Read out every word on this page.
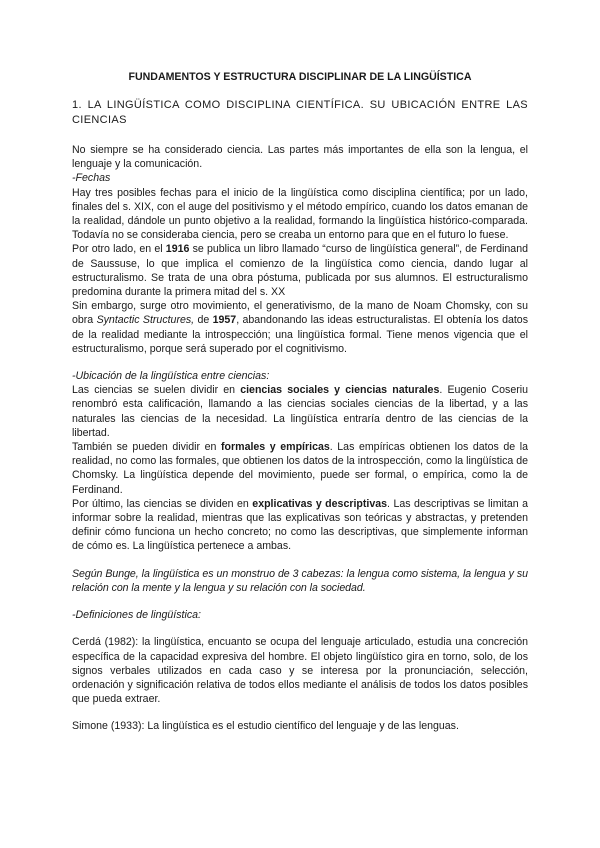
FUNDAMENTOS Y ESTRUCTURA DISCIPLINAR DE LA LINGÜÍSTICA
1. LA LINGÜÍSTICA COMO DISCIPLINA CIENTÍFICA. SU UBICACIÓN ENTRE LAS CIENCIAS

No siempre se ha considerado ciencia. Las partes más importantes de ella son la lengua, el lenguaje y la comunicación.

-Fechas

Hay tres posibles fechas para el inicio de la lingüística como disciplina científica; por un lado, finales del s. XIX, con el auge del positivismo y el método empírico, cuando los datos emanan de la realidad, dándole un punto objetivo a la realidad, formando la lingüística histórico-comparada. Todavía no se consideraba ciencia, pero se creaba un entorno para que en el futuro lo fuese.

Por otro lado, en el 1916 se publica un libro llamado “curso de lingüística general”, de Ferdinand de Saussuse, lo que implica el comienzo de la lingüística como ciencia, dando lugar al estructuralismo. Se trata de una obra póstuma, publicada por sus alumnos. El estructuralismo predomina durante la primera mitad del s. XX

Sin embargo, surge otro movimiento, el generativismo, de la mano de Noam Chomsky, con su obra Syntactic Structures, de 1957, abandonando las ideas estructuralistas. El obtenía los datos de la realidad mediante la introspección; una lingüística formal. Tiene menos vigencia que el estructuralismo, porque será superado por el cognitivismo.

-Ubicación de la lingüística entre ciencias:

Las ciencias se suelen dividir en ciencias sociales y ciencias naturales. Eugenio Coseriu renombró esta calificación, llamando a las ciencias sociales ciencias de la libertad, y a las naturales las ciencias de la necesidad. La lingüística entraría dentro de las ciencias de la libertad.

También se pueden dividir en formales y empíricas. Las empíricas obtienen los datos de la realidad, no como las formales, que obtienen los datos de la introspección, como la lingüística de Chomsky. La lingüística depende del movimiento, puede ser formal, o empírica, como la de Ferdinand.

Por último, las ciencias se dividen en explicativas y descriptivas. Las descriptivas se limitan a informar sobre la realidad, mientras que las explicativas son teóricas y abstractas, y pretenden definir cómo funciona un hecho concreto; no como las descriptivas, que simplemente informan de cómo es. La lingüística pertenece a ambas.

Según Bunge, la lingüística es un monstruo de 3 cabezas: la lengua como sistema, la lengua y su relación con la mente y la lengua y su relación con la sociedad.

-Definiciones de lingüística:

Cerdá (1982): la lingüística, encuanto se ocupa del lenguaje articulado, estudia una concreción específica de la capacidad expresiva del hombre. El objeto lingüístico gira en torno, solo, de los signos verbales utilizados en cada caso y se interesa por la pronunciación, selección, ordenación y significación relativa de todos ellos mediante el análisis de todos los datos posibles que pueda extraer.

Simone (1933): La lingüística es el estudio científico del lenguaje y de las lenguas.
